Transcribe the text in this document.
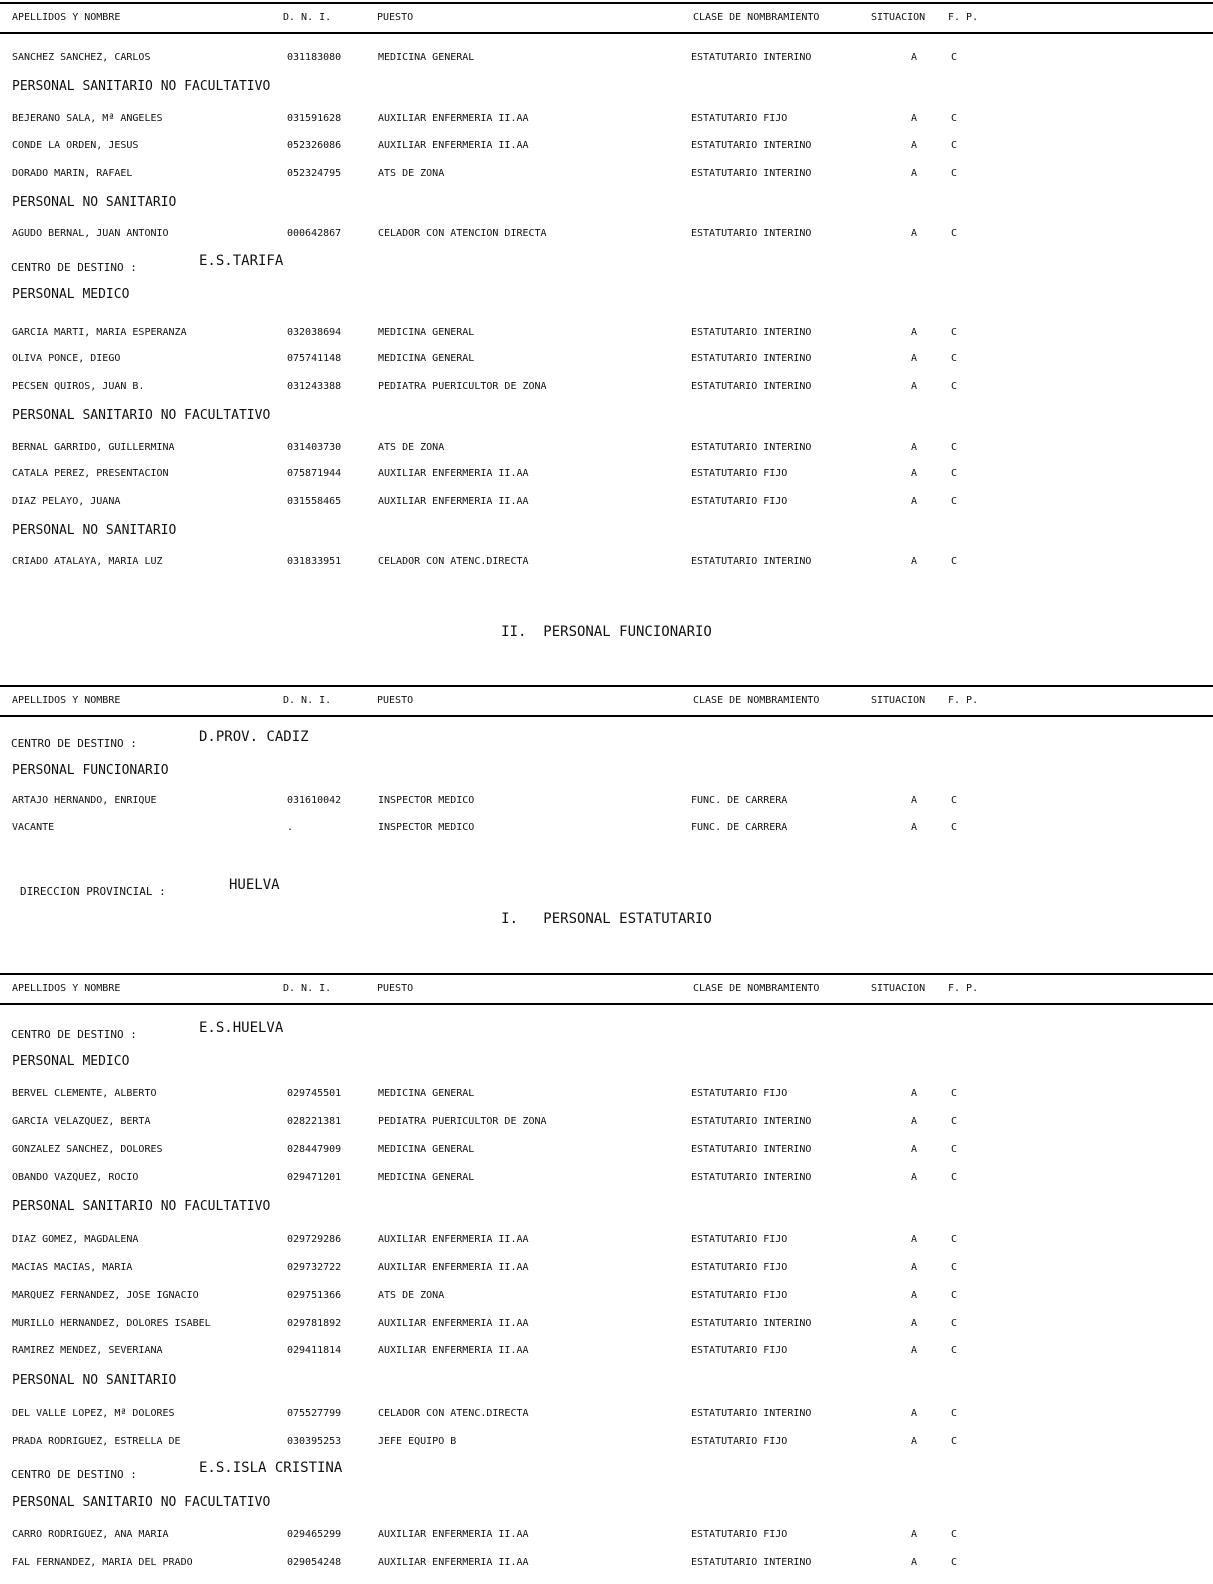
APELLIDOS Y NOMBRE	D. N. I.	PUESTO	CLASE DE NOMBRAMIENTO	SITUACION F. P.
SANCHEZ SANCHEZ, CARLOS	031183080	MEDICINA GENERAL	ESTATUTARIO INTERINO	A	C
PERSONAL SANITARIO NO FACULTATIVO
BEJERANO SALA, Mª ANGELES	031591628	AUXILIAR ENFERMERIA II.AA	ESTATUTARIO FIJO	A	C
CONDE LA ORDEN, JESUS	052326086	AUXILIAR ENFERMERIA II.AA	ESTATUTARIO INTERINO	A	C
DORADO MARIN, RAFAEL	052324795	ATS DE ZONA	ESTATUTARIO INTERINO	A	C
PERSONAL NO SANITARIO
AGUDO BERNAL, JUAN ANTONIO	000642867	CELADOR CON ATENCION DIRECTA	ESTATUTARIO INTERINO	A	C
CENTRO DE DESTINO :	E.S.TARIFA
PERSONAL MEDICO
GARCIA MARTI, MARIA ESPERANZA	032038694	MEDICINA GENERAL	ESTATUTARIO INTERINO	A	C
OLIVA PONCE, DIEGO	075741148	MEDICINA GENERAL	ESTATUTARIO INTERINO	A	C
PECSEN QUIROS, JUAN B.	031243388	PEDIATRA PUERICULTOR DE ZONA	ESTATUTARIO INTERINO	A	C
PERSONAL SANITARIO NO FACULTATIVO
BERNAL GARRIDO, GUILLERMINA	031403730	ATS DE ZONA	ESTATUTARIO INTERINO	A	C
CATALA PEREZ, PRESENTACION	075871944	AUXILIAR ENFERMERIA II.AA	ESTATUTARIO FIJO	A	C
DIAZ PELAYO, JUANA	031558465	AUXILIAR ENFERMERIA II.AA	ESTATUTARIO FIJO	A	C
PERSONAL NO SANITARIO
CRIADO ATALAYA, MARIA LUZ	031833951	CELADOR CON ATENC.DIRECTA	ESTATUTARIO INTERINO	A	C
II.  PERSONAL FUNCIONARIO
APELLIDOS Y NOMBRE	D. N. I.	PUESTO	CLASE DE NOMBRAMIENTO	SITUACION F. P.
CENTRO DE DESTINO :	D.PROV. CADIZ
PERSONAL FUNCIONARIO
ARTAJO HERNANDO, ENRIQUE	031610042	INSPECTOR MEDICO	FUNC. DE CARRERA	A	C
VACANTE	.	INSPECTOR MEDICO	FUNC. DE CARRERA	A	C
DIRECCION PROVINCIAL :	HUELVA
I.   PERSONAL ESTATUTARIO
APELLIDOS Y NOMBRE	D. N. I.	PUESTO	CLASE DE NOMBRAMIENTO	SITUACION F. P.
CENTRO DE DESTINO :	E.S.HUELVA
PERSONAL MEDICO
BERVEL CLEMENTE, ALBERTO	029745501	MEDICINA GENERAL	ESTATUTARIO FIJO	A	C
GARCIA VELAZQUEZ, BERTA	028221381	PEDIATRA PUERICULTOR DE ZONA	ESTATUTARIO INTERINO	A	C
GONZALEZ SANCHEZ, DOLORES	028447909	MEDICINA GENERAL	ESTATUTARIO INTERINO	A	C
OBANDO VAZQUEZ, ROCIO	029471201	MEDICINA GENERAL	ESTATUTARIO INTERINO	A	C
PERSONAL SANITARIO NO FACULTATIVO
DIAZ GOMEZ, MAGDALENA	029729286	AUXILIAR ENFERMERIA II.AA	ESTATUTARIO FIJO	A	C
MACIAS MACIAS, MARIA	029732722	AUXILIAR ENFERMERIA II.AA	ESTATUTARIO FIJO	A	C
MARQUEZ FERNANDEZ, JOSE IGNACIO	029751366	ATS DE ZONA	ESTATUTARIO FIJO	A	C
MURILLO HERNANDEZ, DOLORES ISABEL	029781892	AUXILIAR ENFERMERIA II.AA	ESTATUTARIO INTERINO	A	C
RAMIREZ MENDEZ, SEVERIANA	029411814	AUXILIAR ENFERMERIA II.AA	ESTATUTARIO FIJO	A	C
PERSONAL NO SANITARIO
DEL VALLE LOPEZ, Mª DOLORES	075527799	CELADOR CON ATENC.DIRECTA	ESTATUTARIO INTERINO	A	C
PRADA RODRIGUEZ, ESTRELLA DE	030395253	JEFE EQUIPO B	ESTATUTARIO FIJO	A	C
CENTRO DE DESTINO :	E.S.ISLA CRISTINA
PERSONAL SANITARIO NO FACULTATIVO
CARRO RODRIGUEZ, ANA MARIA	029465299	AUXILIAR ENFERMERIA II.AA	ESTATUTARIO FIJO	A	C
FAL FERNANDEZ, MARIA DEL PRADO	029054248	AUXILIAR ENFERMERIA II.AA	ESTATUTARIO INTERINO	A	C
